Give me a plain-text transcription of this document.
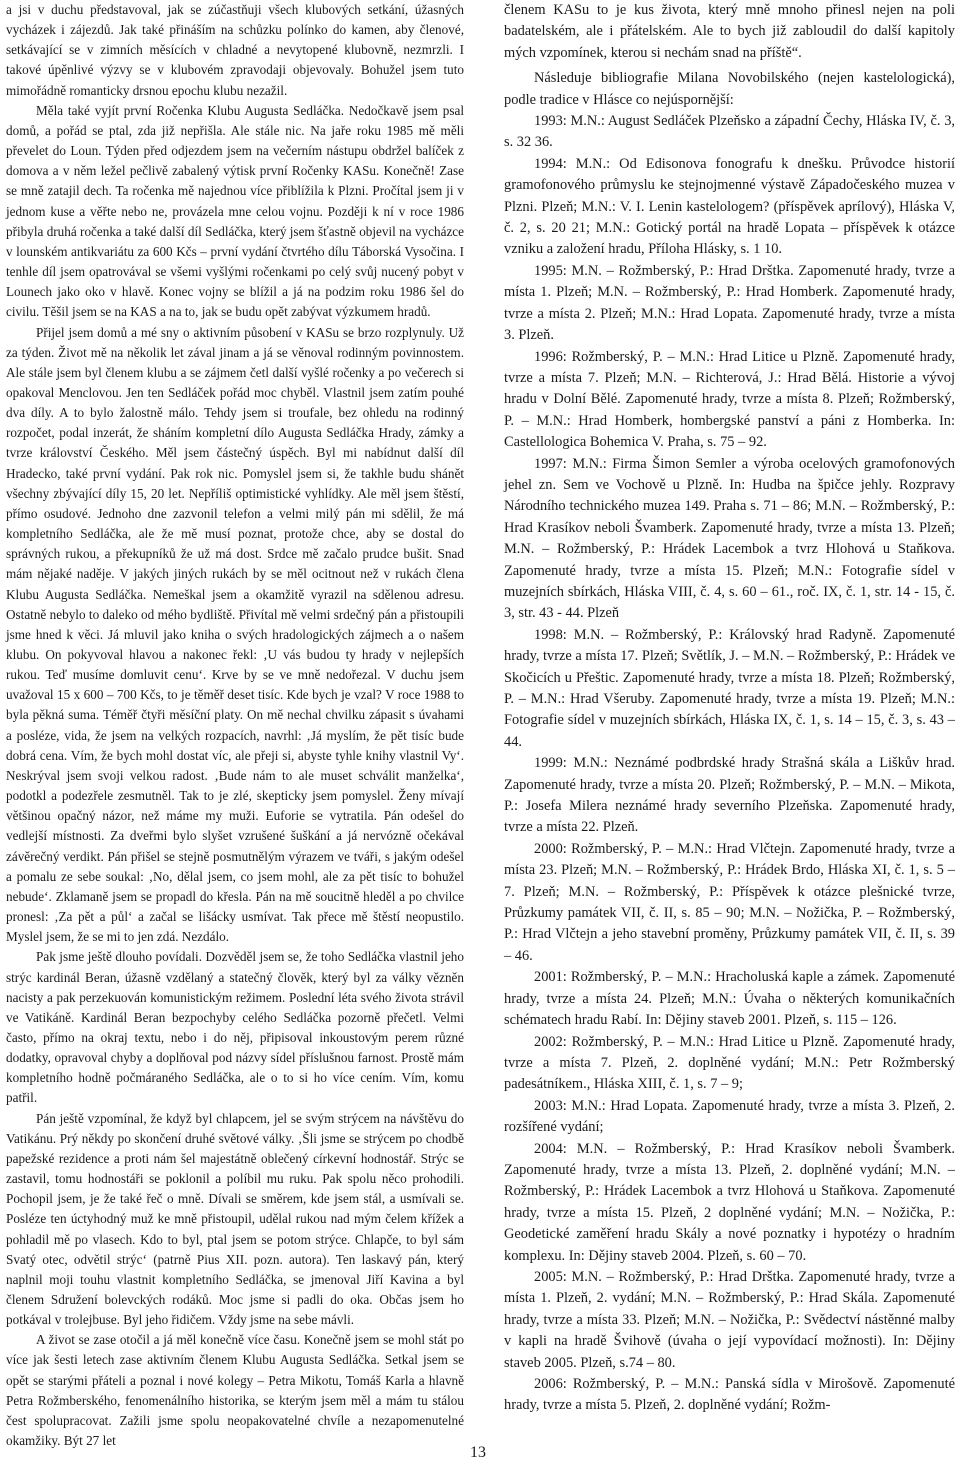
a jsi v duchu představoval, jak se zúčastňuji všech klubových setkání, úžasných vycházek i zájezdů. Jak také přináším na schůzku polínko do kamen, aby členové, setkávající se v zimních měsících v chladné a nevytopené klubovně, nezmrzli. I takové úpěnlivé výzvy se v klubovém zpravodaji objevovaly. Bohužel jsem tuto mimořádně romanticky drsnou epochu klubu nezažil.

Měla také vyjít první Ročenka Klubu Augusta Sedláčka. Nedočkavě jsem psal domů, a pořád se ptal, zda již nepřišla. Ale stále nic. Na jaře roku 1985 mě měli převelet do Loun. Týden před odjezdem jsem na večerním nástupu obdržel balíček z domova a v něm ležel pečlivě zabalený výtisk první Ročenky KASu. Konečně! Zase se mně zatajil dech. Ta ročenka mě najednou více přiblížila k Plzni. Pročítal jsem ji v jednom kuse a věřte nebo ne, provázela mne celou vojnu. Později k ní v roce 1986 přibyla druhá ročenka a také další díl Sedláčka, který jsem šťastně objevil na vycházce v lounském antikvariátu za 600 Kčs – první vydání čtvrtého dílu Táborská Vysočina. I tenhle díl jsem opatrovával se všemi vyšlými ročenkami po celý svůj nucený pobyt v Lounech jako oko v hlavě. Konec vojny se blížil a já na podzim roku 1986 šel do civilu. Těšil jsem se na KAS a na to, jak se budu opět zabývat výzkumem hradů.

Přijel jsem domů a mé sny o aktivním působení v KASu se brzo rozplynuly. Už za týden. Život mě na několik let zával jinam a já se věnoval rodinným povinnostem. Ale stále jsem byl členem klubu a se zájmem četl další vyšlé ročenky a po večerech si opakoval Menclovou. Jen ten Sedláček pořád moc chyběl. Vlastnil jsem zatím pouhé dva díly. A to bylo žalostně málo. Tehdy jsem si troufale, bez ohledu na rodinný rozpočet, podal inzerát, že sháním kompletní dílo Augusta Sedláčka Hrady, zámky a tvrze království Českého. Měl jsem částečný úspěch. Byl mi nabídnut další díl Hradecko, také první vydání. Pak rok nic. Pomyslel jsem si, že takhle budu shánět všechny zbývající díly 15, 20 let. Nepříliš optimistické vyhlídky. Ale měl jsem štěstí, přímo osudové. Jednoho dne zazvonil telefon a velmi milý pán mi sdělil, že má kompletního Sedláčka, ale že mě musí poznat, protože chce, aby se dostal do správných rukou, a překupníků že už má dost. Srdce mě začalo prudce bušit. Snad mám nějaké naděje. V jakých jiných rukách by se měl ocitnout než v rukách člena Klubu Augusta Sedláčka. Nemeškal jsem a okamžitě vyrazil na sdělenou adresu. Ostatně nebylo to daleko od mého bydliště. Přivítal mě velmi srdečný pán a přistoupili jsme hned k věci. Já mluvil jako kniha o svých hradologických zájmech a o našem klubu. On pokyvoval hlavou a nakonec řekl: ‚U vás budou ty hrady v nejlepších rukou. Teď musíme domluvit cenu‘. Krve by se ve mně nedořezal. V duchu jsem uvažoval 15 x 600 – 700 Kčs, to je těměř deset tisíc. Kde bych je vzal? V roce 1988 to byla pěkná suma. Téměř čtyři měsíční platy. On mě nechal chvilku zápasit s úvahami a posléze, vida, že jsem na velkých rozpacích, navrhl: ‚Já myslím, že pět tisíc bude dobrá cena. Vím, že bych mohl dostat víc, ale přeji si, abyste tyhle knihy vlastnil Vy‘. Neskrýval jsem svoji velkou radost. ‚Bude nám to ale muset schválit manželka‘, podotkl a podezřele zesmutněl. Tak to je zlé, skepticky jsem pomyslel. Ženy mívají většinou opačný názor, než máme my muži. Euforie se vytratila. Pán odešel do vedlejší místnosti. Za dveřmi bylo slyšet vzrušené šuškání a já nervózně očekával závěrečný verdikt. Pán přišel se stejně posmutnělým výrazem ve tváři, s jakým odešel a pomalu ze sebe soukal: ‚No, dělal jsem, co jsem mohl, ale za pět tisíc to bohužel nebude‘. Zklamaně jsem se propadl do křesla. Pán na mě soucitně hleděl a po chvilce pronesl: ‚Za pět a půl‘ a začal se lišácky usmívat. Tak přece mě štěstí neopustilo. Myslel jsem, že se mi to jen zdá. Nezdálo.

Pak jsme ještě dlouho povídali. Dozvěděl jsem se, že toho Sedláčka vlastnil jeho strýc kardinál Beran, úžasně vzdělaný a statečný člověk, který byl za války vězněn nacisty a pak perzekuován komunistickým režimem. Poslední léta svého života strávil ve Vatikáně. Kardinál Beran bezpochyby celého Sedláčka pozorně přečetl. Velmi často, přímo na okraj textu, nebo i do něj, připisoval inkoustovým perem různé dodatky, opravoval chyby a doplňoval pod názvy sídel příslušnou farnost. Prostě mám kompletního hodně počmáraného Sedláčka, ale o to si ho více cením. Vím, komu patřil.

Pán ještě vzpomínal, že když byl chlapcem, jel se svým strýcem na návštěvu do Vatikánu. Prý někdy po skončení druhé světové války. ‚Šli jsme se strýcem po chodbě papežské rezidence a proti nám šel majestátně oblečený církevní hodnostář. Strýc se zastavil, tomu hodnostáři se poklonil a políbil mu ruku. Pak spolu něco prohodili. Pochopil jsem, je že také řeč o mně. Dívali se směrem, kde jsem stál, a usmívali se. Posléze ten úctyhodný muž ke mně přistoupil, udělal rukou nad mým čelem křížek a pohladil mě po vlasech. Kdo to byl, ptal jsem se potom strýce. Chlapče, to byl sám Svatý otec, odvětil strýc‘ (patrně Pius XII. pozn. autora). Ten laskavý pán, který naplnil moji touhu vlastnit kompletního Sedláčka, se jmenoval Jiří Kavina a byl členem Sdružení bolevckých rodáků. Moc jsme si padli do oka. Občas jsem ho potkával v trolejbuse. Byl jeho řidičem. Vždy jsme na sebe mávli.

A život se zase otočil a já měl konečně více času. Konečně jsem se mohl stát po více jak šesti letech zase aktivním členem Klubu Augusta Sedláčka. Setkal jsem se opět se starými přáteli a poznal i nové kolegy – Petra Mikotu, Tomáš Karla a hlavně Petra Rožmberského, fenomenálního historika, se kterým jsem měl a mám tu stálou čest spolupracovat. Zažili jsme spolu neopakovatelné chvíle a nezapomenutelné okamžiky. Být 27 let

členem KASu to je kus života, který mně mnoho přinesl nejen na poli badatelském, ale i přátelském. Ale to bych již zabloudil do další kapitoly mých vzpomínek, kterou si nechám snad na příště“.

Následuje bibliografie Milana Novobilského (nejen kastelologická), podle tradice v Hlásce co nejúspornější:

1993: M.N.: August Sedláček Plzeňsko a západní Čechy, Hláska IV, č. 3, s. 32 36.

1994: M.N.: Od Edisonova fonografu k dnešku. Průvodce historií gramofonového průmyslu ke stejnojmenné výstavě Západočeského muzea v Plzni. Plzeň; M.N.: V. I. Lenin kastelologem? (příspěvek aprílový), Hláska V, č. 2, s. 20 21; M.N.: Gotický portál na hradě Lopata – příspěvek k otázce vzniku a založení hradu, Příloha Hlásky, s. 1 10.

1995: M.N. – Rožmberský, P.: Hrad Drštka. Zapomenuté hrady, tvrze a místa 1. Plzeň; M.N. – Rožmberský, P.: Hrad Homberk. Zapomenuté hrady, tvrze a místa 2. Plzeň; M.N.: Hrad Lopata. Zapomenuté hrady, tvrze a místa 3. Plzeň.

1996: Rožmberský, P. – M.N.: Hrad Litice u Plzně. Zapomenuté hrady, tvrze a místa 7. Plzeň; M.N. – Richterová, J.: Hrad Bělá. Historie a vývoj hradu v Dolní Bělé. Zapomenuté hrady, tvrze a místa 8. Plzeň; Rožmberský, P. – M.N.: Hrad Homberk, hombergské panství a páni z Homberka. In: Castellologica Bohemica V. Praha, s. 75 – 92.

1997: M.N.: Firma Šimon Semler a výroba ocelových gramofonových jehel zn. Sem ve Vochově u Plzně. In: Hudba na špičce jehly. Rozpravy Národního technického muzea 149. Praha s. 71 – 86; M.N. – Rožmberský, P.: Hrad Krasíkov neboli Švamberk. Zapomenuté hrady, tvrze a místa 13. Plzeň; M.N. – Rožmberský, P.: Hrádek Lacembok a tvrz Hlohová u Staňkova. Zapomenuté hrady, tvrze a místa 15. Plzeň; M.N.: Fotografie sídel v muzejních sbírkách, Hláska VIII, č. 4, s. 60 – 61., roč. IX, č. 1, str. 14 - 15, č. 3, str. 43 - 44. Plzeň

1998: M.N. – Rožmberský, P.: Královský hrad Radyně. Zapomenuté hrady, tvrze a místa 17. Plzeň; Světlík, J. – M.N. – Rožmberský, P.: Hrádek ve Skočicích u Přeštic. Zapomenuté hrady, tvrze a místa 18. Plzeň; Rožmberský, P. – M.N.: Hrad Všeruby. Zapomenuté hrady, tvrze a místa 19. Plzeň; M.N.: Fotografie sídel v muzejních sbírkách, Hláska IX, č. 1, s. 14 – 15, č. 3, s. 43 – 44.

1999: M.N.: Neznámé podbrdské hrady Strašná skála a Liškův hrad. Zapomenuté hrady, tvrze a místa 20. Plzeň; Rožmberský, P. – M.N. – Mikota, P.: Josefa Milera neznámé hrady severního Plzeňska. Zapomenuté hrady, tvrze a místa 22. Plzeň.

2000: Rožmberský, P. – M.N.: Hrad Vlčtejn. Zapomenuté hrady, tvrze a místa 23. Plzeň; M.N. – Rožmberský, P.: Hrádek Brdo, Hláska XI, č. 1, s. 5 – 7. Plzeň; M.N. – Rožmberský, P.: Příspěvek k otázce plešnické tvrze, Průzkumy památek VII, č. II, s. 85 – 90; M.N. – Nožička, P. – Rožmberský, P.: Hrad Vlčtejn a jeho stavební proměny, Průzkumy památek VII, č. II, s. 39 – 46.

2001: Rožmberský, P. – M.N.: Hracholuská kaple a zámek. Zapomenuté hrady, tvrze a místa 24. Plzeň; M.N.: Úvaha o některých komunikačních schématech hradu Rabí. In: Dějiny staveb 2001. Plzeň, s. 115 – 126.

2002: Rožmberský, P. – M.N.: Hrad Litice u Plzně. Zapomenuté hrady, tvrze a místa 7. Plzeň, 2. doplněné vydání; M.N.: Petr Rožmberský padesátníkem., Hláska XIII, č. 1, s. 7 – 9;

2003: M.N.: Hrad Lopata. Zapomenuté hrady, tvrze a místa 3. Plzeň, 2. rozšířené vydání;

2004: M.N. – Rožmberský, P.: Hrad Krasíkov neboli Švamberk. Zapomenuté hrady, tvrze a místa 13. Plzeň, 2. doplněné vydání; M.N. – Rožmberský, P.: Hrádek Lacembok a tvrz Hlohová u Staňkova. Zapomenuté hrady, tvrze a místa 15. Plzeň, 2 doplněné vydání; M.N. – Nožička, P.: Geodetické zaměření hradu Skály a nové poznatky i hypotézy o hradním komplexu. In: Dějiny staveb 2004. Plzeň, s. 60 – 70.

2005: M.N. – Rožmberský, P.: Hrad Drštka. Zapomenuté hrady, tvrze a místa 1. Plzeň, 2. vydání; M.N. – Rožmberský, P.: Hrad Skála. Zapomenuté hrady, tvrze a místa 33. Plzeň; M.N. – Nožička, P.: Svědectví nástěnné malby v kapli na hradě Švihově (úvaha o její vypovídací možnosti). In: Dějiny staveb 2005. Plzeň, s.74 – 80.

2006: Rožmberský, P. – M.N.: Panská sídla v Mirošově. Zapomenuté hrady, tvrze a místa 5. Plzeň, 2. doplněné vydání; Rožm-

13
